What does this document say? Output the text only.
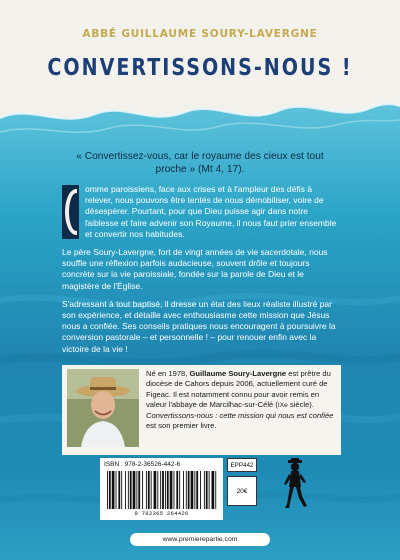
ABBÉ GUILLAUME SOURY-LAVERGNE
CONVERTISSONS-NOUS !
« Convertissez-vous, car le royaume des cieux est tout proche » (Mt 4, 17).

omme paroissiens, face aux crises et à l'ampleur des défis à relever, nous pouvons être tentés de nous démobiliser, voire de désespérer. Pourtant, pour que Dieu puisse agir dans notre faiblesse et faire advenir son Royaume, il nous faut prier ensemble et convertir nos habitudes.

Le père Soury-Lavergne, fort de vingt années de vie sacerdotale, nous souffle une réflexion parfois audacieuse, souvent drôle et toujours concrète sur la vie paroissiale, fondée sur la parole de Dieu et le magistère de l'Église.

S'adressant à tout baptisé, il dresse un état des lieux réaliste illustré par son expérience, et détaille avec enthousiasme cette mission que Jésus nous a confiée. Ses conseils pratiques nous encouragent à poursuivre la conversion pastorale – et personnelle ! – pour renouer enfin avec la victoire de la vie !

Né en 1978, Guillaume Soury-Lavergne est prêtre du diocèse de Cahors depuis 2006, actuellement curé de Figeac. Il est notamment connu pour avoir remis en valeur l'abbaye de Marcilhac-sur-Célé (IXe siècle). Convertissons-nous : cette mission qui nous est confiée est son premier livre.
ISBN : 978-2-36526-442-6
9 782365 264426
EPP442
20€
www.premierepartie.com
